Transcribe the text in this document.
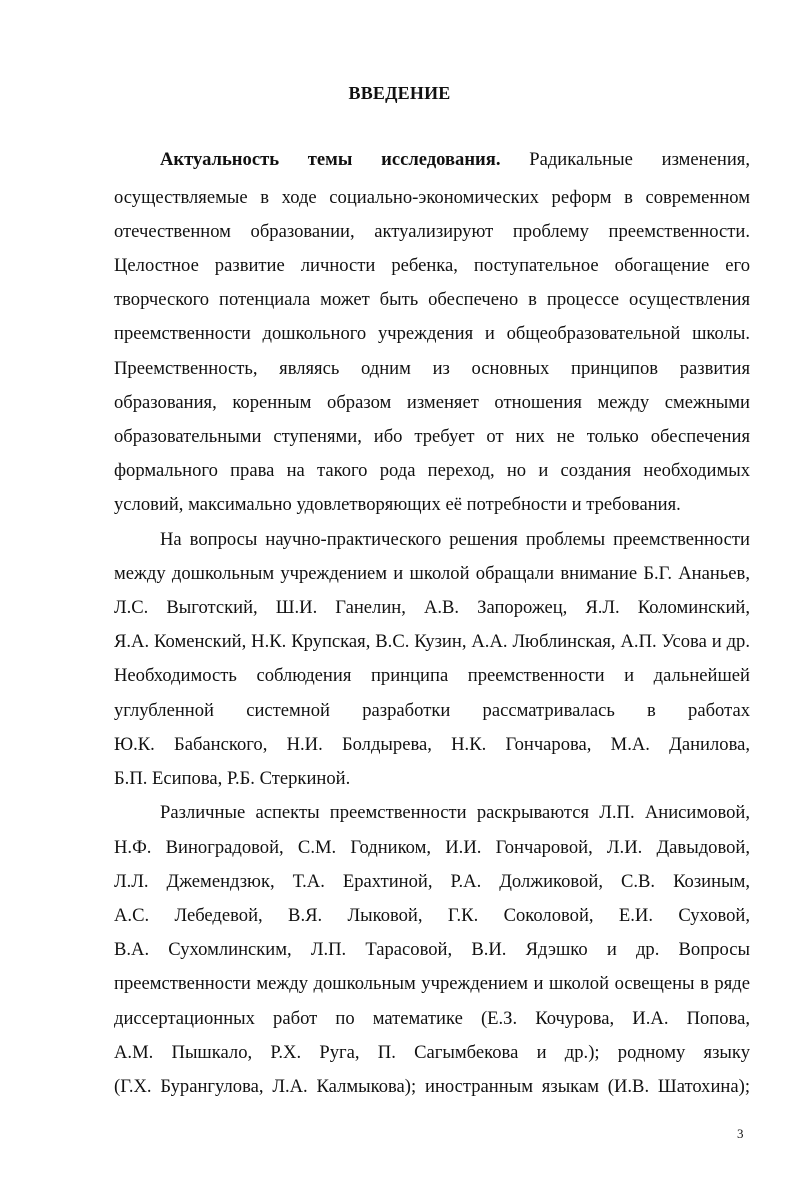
ВВЕДЕНИЕ
Актуальность темы исследования. Радикальные изменения,
осуществляемые в ходе социально-экономических реформ в современном
отечественном образовании, актуализируют проблему преемственности.
Целостное развитие личности ребенка, поступательное обогащение его
творческого потенциала может быть обеспечено в процессе осуществления
преемственности дошкольного учреждения и общеобразовательной школы.
Преемственность, являясь одним из основных принципов развития
образования, коренным образом изменяет отношения между смежными
образовательными ступенями, ибо требует от них не только обеспечения
формального права на такого рода переход, но и создания необходимых
условий, максимально удовлетворяющих её потребности и требования.
На вопросы научно-практического решения проблемы преемственности
между дошкольным учреждением и школой обращали внимание Б.Г. Ананьев,
Л.С. Выготский, Ш.И. Ганелин, А.В. Запорожец, Я.Л. Коломинский,
Я.А. Коменский, Н.К. Крупская, В.С. Кузин, А.А. Люблинская, А.П. Усова и др.
Необходимость соблюдения принципа преемственности и дальнейшей
углубленной системной разработки рассматривалась в работах
Ю.К. Бабанского, Н.И. Болдырева, Н.К. Гончарова, М.А. Данилова,
Б.П. Есипова, Р.Б. Стеркиной.
Различные аспекты преемственности раскрываются Л.П. Анисимовой,
Н.Ф. Виноградовой, С.М. Годником, И.И. Гончаровой, Л.И. Давыдовой,
Л.Л. Джемендзюк, Т.А. Ерахтиной, Р.А. Должиковой, С.В. Козиным,
А.С. Лебедевой, В.Я. Лыковой, Г.К. Соколовой, Е.И. Суховой,
В.А. Сухомлинским, Л.П. Тарасовой, В.И. Ядэшко и др. Вопросы
преемственности между дошкольным учреждением и школой освещены в ряде
диссертационных работ по математике (Е.З. Кочурова, И.А. Попова,
А.М. Пышкало, Р.Х. Руга, П. Сагымбекова и др.); родному языку
(Г.Х. Бурангулова, Л.А. Калмыкова); иностранным языкам (И.В. Шатохина);
3
